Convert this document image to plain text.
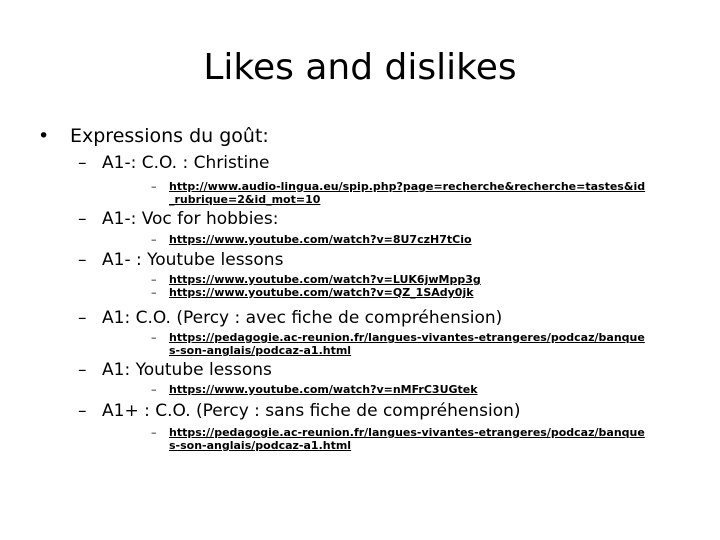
Likes and dislikes
• Expressions du goût:
– A1-: C.O. : Christine
– http://www.audio-lingua.eu/spip.php?page=recherche&recherche=tastes&id_rubrique=2&id_mot=10
– A1-: Voc for hobbies:
– https://www.youtube.com/watch?v=8U7czH7tCio
– A1- : Youtube lessons
– https://www.youtube.com/watch?v=LUK6jwMpp3g
– https://www.youtube.com/watch?v=QZ_1SAdy0jk
– A1: C.O. (Percy : avec fiche de compréhension)
– https://pedagogie.ac-reunion.fr/langues-vivantes-etrangeres/podcaz/banques-son-anglais/podcaz-a1.html
– A1: Youtube lessons
– https://www.youtube.com/watch?v=nMFrC3UGtek
– A1+ : C.O. (Percy : sans fiche de compréhension)
– https://pedagogie.ac-reunion.fr/langues-vivantes-etrangeres/podcaz/banques-son-anglais/podcaz-a1.html
